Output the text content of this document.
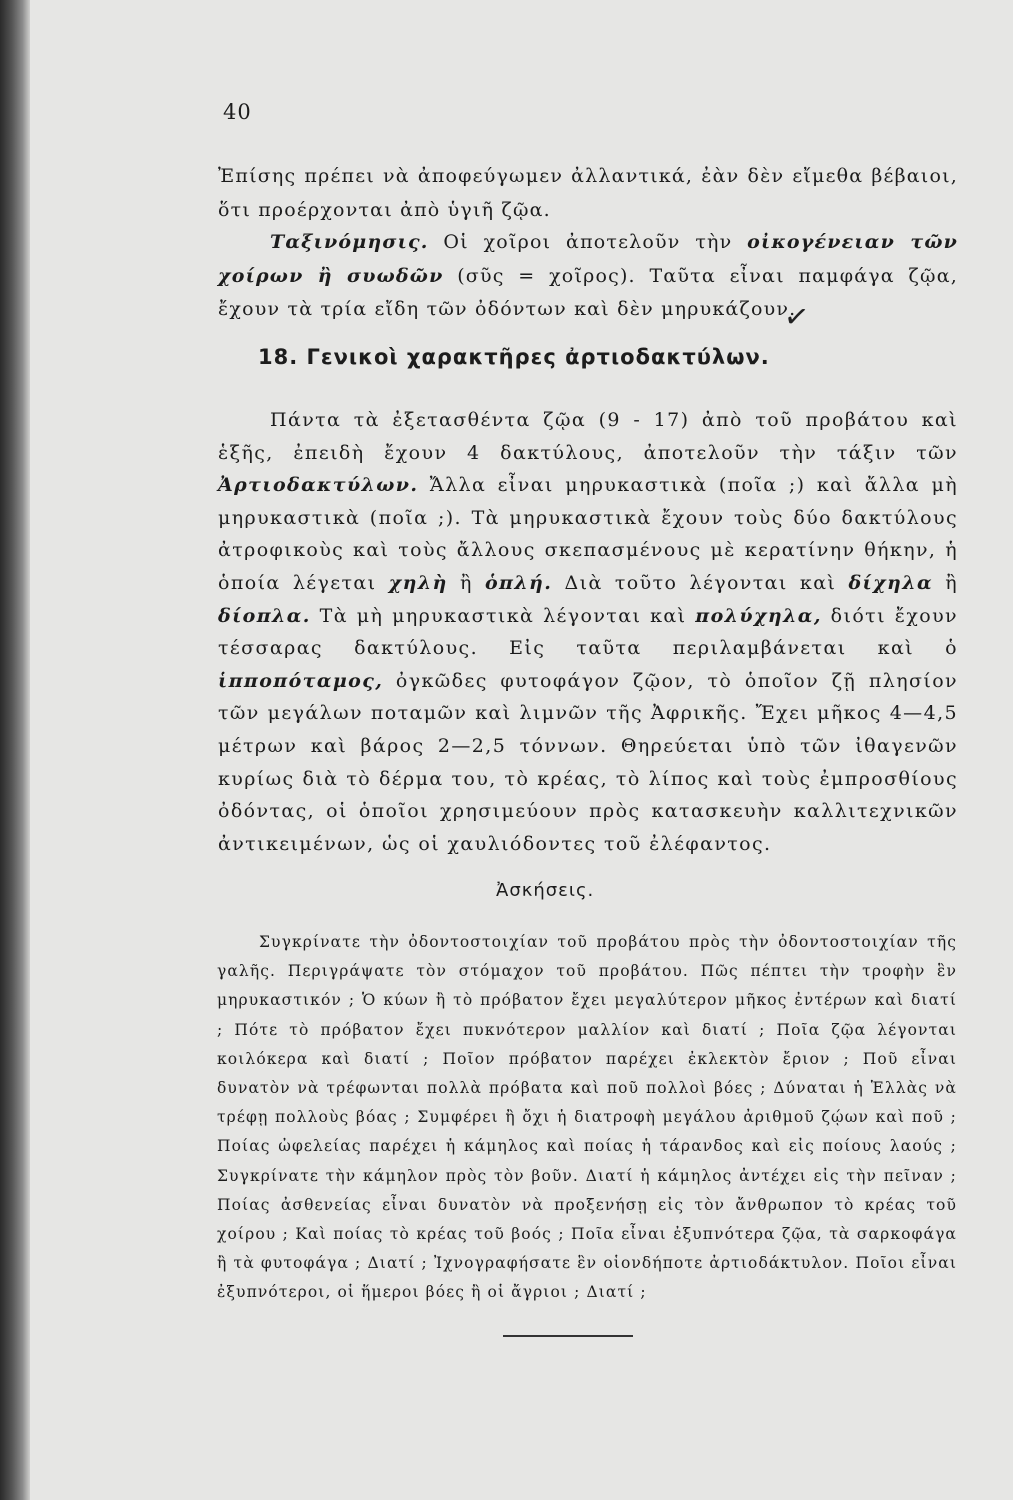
40
Ἐπίσης πρέπει νὰ ἀποφεύγωμεν ἀλλαντικά, ἐὰν δὲν εἴμεθα βέβαιοι, ὅτι προέρχονται ἀπὸ ὑγιῆ ζῷα.
Ταξινόμησις. Οἱ χοῖροι ἀποτελοῦν τὴν οἰκογένειαν τῶν χοίρων ἢ συωδῶν (σῦς = χοῖρος). Ταῦτα εἶναι παμφάγα ζῷα, ἔχουν τὰ τρία εἴδη τῶν ὀδόντων καὶ δὲν μηρυκάζουν.
✓
18. Γενικοὶ χαρακτῆρες ἀρτιοδακτύλων.
Πάντα τὰ ἐξετασθέντα ζῷα (9 - 17) ἀπὸ τοῦ προβάτου καὶ ἑξῆς, ἐπειδὴ ἔχουν 4 δακτύλους, ἀποτελοῦν τὴν τάξιν τῶν Ἀρτιοδακτύλων. Ἄλλα εἶναι μηρυκαστικὰ (ποῖα ;) καὶ ἄλλα μὴ μηρυκαστικὰ (ποῖα ;). Τὰ μηρυκαστικὰ ἔχουν τοὺς δύο δακτύλους ἀτροφικοὺς καὶ τοὺς ἄλλους σκεπασμένους μὲ κερατίνην θήκην, ἡ ὁποία λέγεται χηλὴ ἢ ὁπλή. Διὰ τοῦτο λέγονται καὶ δίχηλα ἢ δίοπλα. Τὰ μὴ μηρυκαστικὰ λέγονται καὶ πολύχηλα, διότι ἔχουν τέσσαρας δακτύλους. Εἰς ταῦτα περιλαμβάνεται καὶ ὁ ἱπποπόταμος, ὀγκῶδες φυτοφάγον ζῷον, τὸ ὁποῖον ζῇ πλησίον τῶν μεγάλων ποταμῶν καὶ λιμνῶν τῆς Ἀφρικῆς. Ἔχει μῆκος 4—4,5 μέτρων καὶ βάρος 2—2,5 τόννων. Θηρεύεται ὑπὸ τῶν ἰθαγενῶν κυρίως διὰ τὸ δέρμα του, τὸ κρέας, τὸ λίπος καὶ τοὺς ἐμπροσθίους ὀδόντας, οἱ ὁποῖοι χρησιμεύουν πρὸς κατασκευὴν καλλιτεχνικῶν ἀντικειμένων, ὡς οἱ χαυλιόδοντες τοῦ ἐλέφαντος.
Ἀσκήσεις.
Συγκρίνατε τὴν ὀδοντοστοιχίαν τοῦ προβάτου πρὸς τὴν ὀδοντοστοιχίαν τῆς γαλῆς. Περιγράψατε τὸν στόμαχον τοῦ προβάτου. Πῶς πέπτει τὴν τροφὴν ἓν μηρυκαστικόν ; Ὁ κύων ἢ τὸ πρόβατον ἔχει μεγαλύτερον μῆκος ἐντέρων καὶ διατί ; Πότε τὸ πρόβατον ἔχει πυκνότερον μαλλίον καὶ διατί ; Ποῖα ζῷα λέγονται κοιλόκερα καὶ διατί ; Ποῖον πρόβατον παρέχει ἐκλεκτὸν ἔριον ; Ποῦ εἶναι δυνατὸν νὰ τρέφωνται πολλὰ πρόβατα καὶ ποῦ πολλοὶ βόες ; Δύναται ἡ Ἑλλὰς νὰ τρέφῃ πολλοὺς βόας ; Συμφέρει ἢ ὄχι ἡ διατροφὴ μεγάλου ἀριθμοῦ ζῴων καὶ ποῦ ; Ποίας ὠφελείας παρέχει ἡ κάμηλος καὶ ποίας ἡ τάρανδος καὶ εἰς ποίους λαούς ; Συγκρίνατε τὴν κάμηλον πρὸς τὸν βοῦν. Διατί ἡ κάμηλος ἀντέχει εἰς τὴν πεῖναν ; Ποίας ἀσθενείας εἶναι δυνατὸν νὰ προξενήσῃ εἰς τὸν ἄνθρωπον τὸ κρέας τοῦ χοίρου ; Καὶ ποίας τὸ κρέας τοῦ βοός ; Ποῖα εἶναι ἐξυπνότερα ζῷα, τὰ σαρκοφάγα ἢ τὰ φυτοφάγα ; Διατί ; Ἰχνογραφήσατε ἓν οἱονδήποτε ἀρτιοδάκτυλον. Ποῖοι εἶναι ἐξυπνότεροι, οἱ ἥμεροι βόες ἢ οἱ ἄγριοι ; Διατί ;
